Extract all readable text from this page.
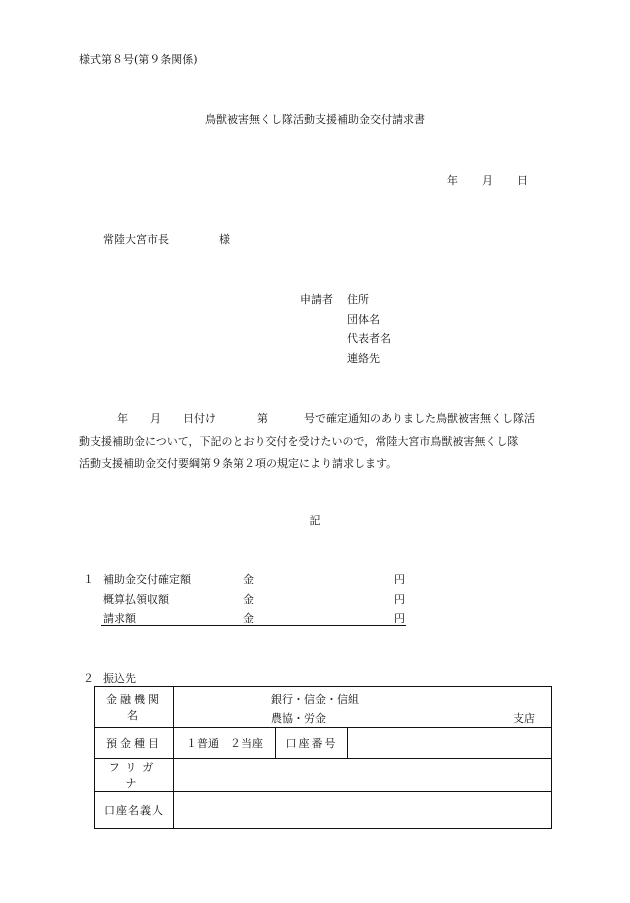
様式第８号(第９条関係)
鳥獣被害無くし隊活動支援補助金交付請求書
年 月 日
常陸大宮市長	様
申請者 住所
団体名
代表者名
連絡先
年 月 日付け	第	号で確定通知のありました鳥獣被害無くし隊活
動支援補助金について，下記のとおり交付を受けたいので，常陸大宮市鳥獣被害無くし隊
活動支援補助金交付要綱第９条第２項の規定により請求します。
記
１ 補助金交付確定額	金	円
概算払領収額	金	円
請求額	金	円
２ 振込先
金融機関名	銀行・信金・信組
農協・労金 支店		

預金種目	１普通　２当座	口座番号	
フリガナ			
口座名義人			
